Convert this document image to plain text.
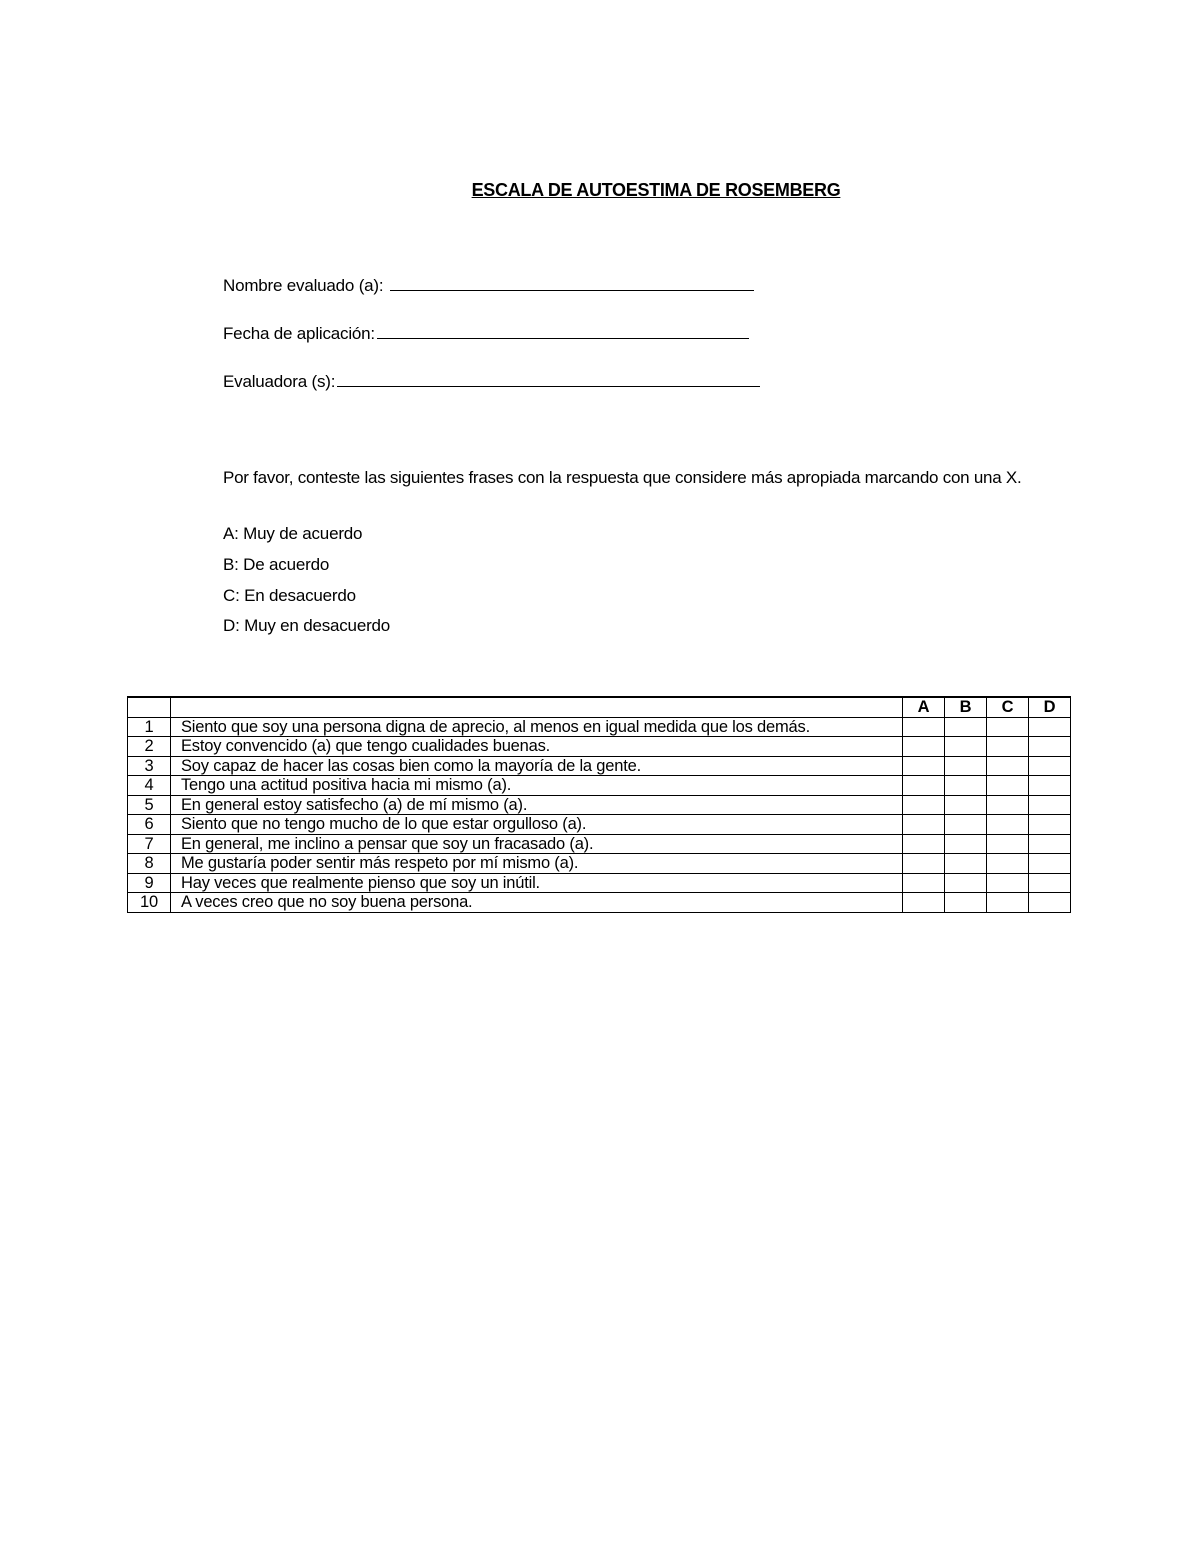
ESCALA DE AUTOESTIMA DE ROSEMBERG
Nombre evaluado (a):
Fecha de aplicación:
Evaluadora (s):
Por favor, conteste las siguientes frases con la respuesta que considere más apropiada marcando con una X.
A: Muy de acuerdo
B: De acuerdo
C: En desacuerdo
D: Muy en desacuerdo
		A	B	C	D
1	Siento que soy una persona digna de aprecio, al menos en igual medida que los demás.				
2	Estoy convencido (a) que tengo cualidades buenas.				
3	Soy capaz de hacer las cosas bien como la mayoría de la gente.				
4	Tengo una actitud positiva hacia mi mismo (a).				
5	En general estoy satisfecho (a) de mí mismo (a).				
6	Siento que no tengo mucho de lo que estar orgulloso (a).				
7	En general, me inclino a pensar que soy un fracasado (a).				
8	Me gustaría poder sentir más respeto por mí mismo (a).				
9	Hay veces que realmente pienso que soy un inútil.				
10	A veces creo que no soy buena persona.				
